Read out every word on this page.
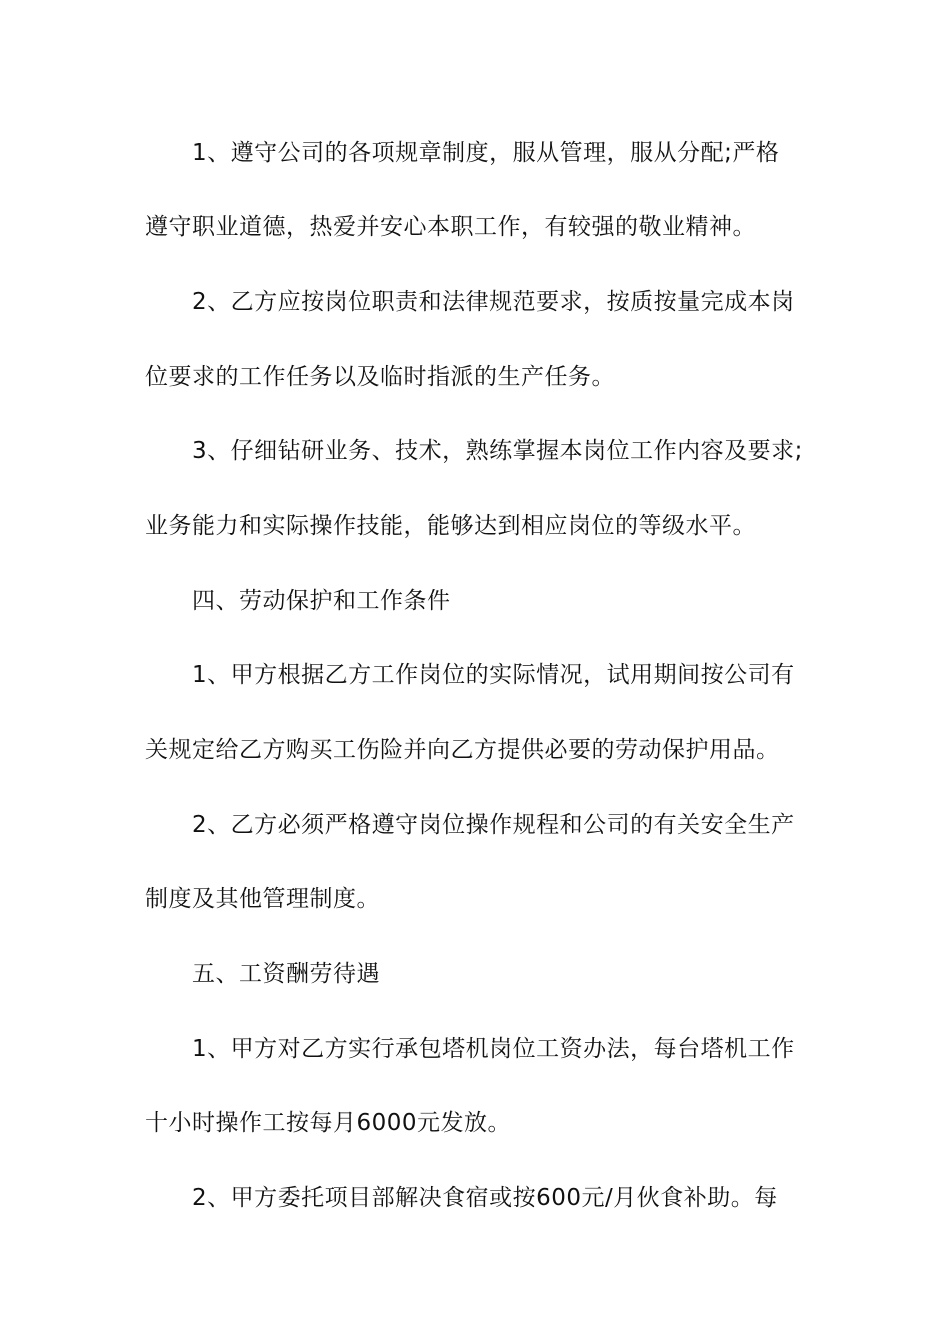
1、遵守公司的各项规章制度，服从管理，服从分配;严格
遵守职业道德，热爱并安心本职工作，有较强的敬业精神。
2、乙方应按岗位职责和法律规范要求，按质按量完成本岗
位要求的工作任务以及临时指派的生产任务。
3、仔细钻研业务、技术，熟练掌握本岗位工作内容及要求;
业务能力和实际操作技能，能够达到相应岗位的等级水平。
四、劳动保护和工作条件
1、甲方根据乙方工作岗位的实际情况，试用期间按公司有
关规定给乙方购买工伤险并向乙方提供必要的劳动保护用品。
2、乙方必须严格遵守岗位操作规程和公司的有关安全生产
制度及其他管理制度。
五、工资酬劳待遇
1、甲方对乙方实行承包塔机岗位工资办法，每台塔机工作
十小时操作工按每月6000元发放。
2、甲方委托项目部解决食宿或按600元/月伙食补助。每
